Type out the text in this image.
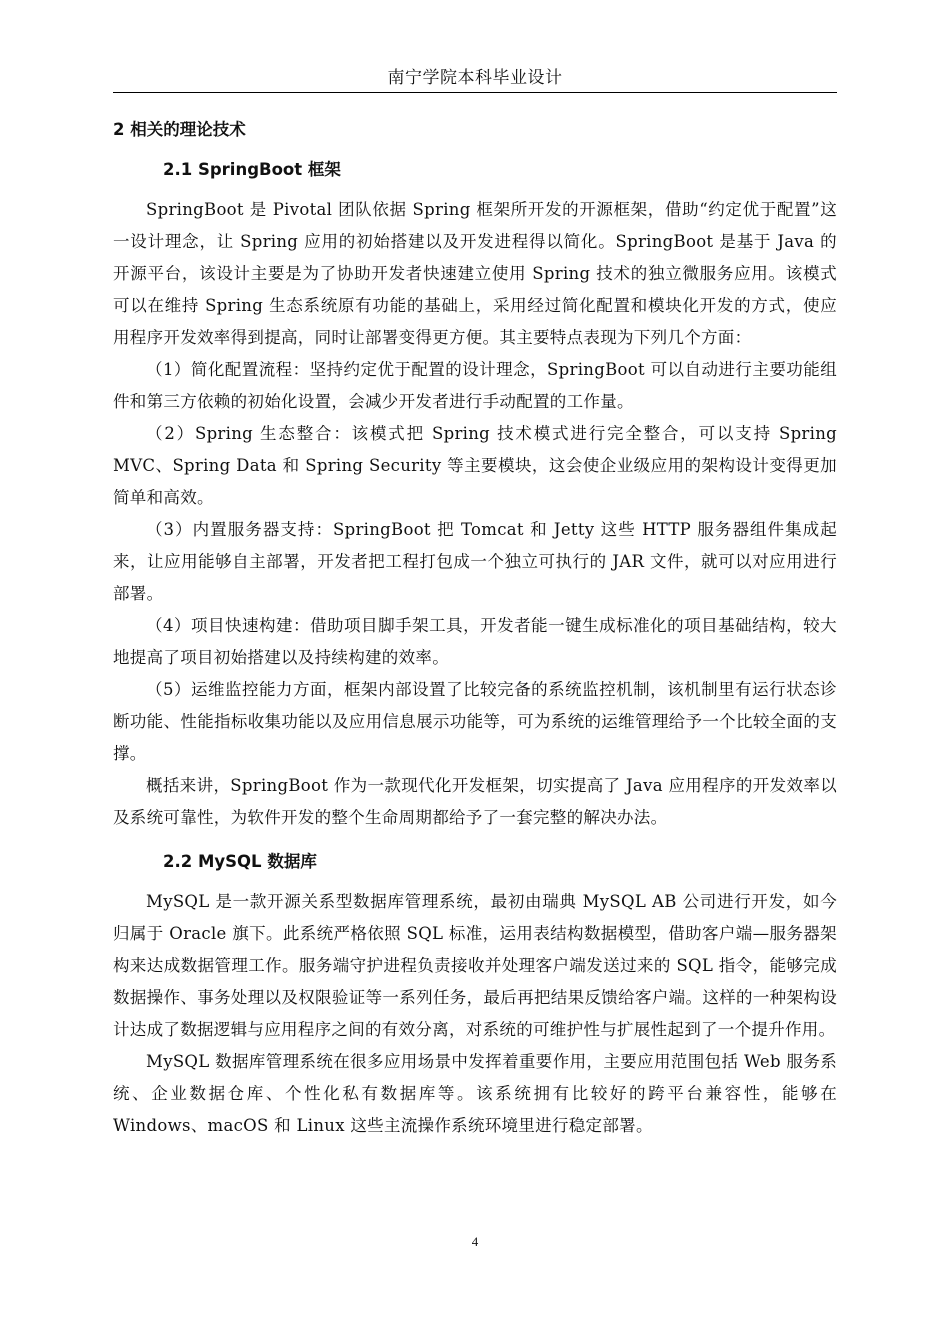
南宁学院本科毕业设计
2 相关的理论技术
2.1 SpringBoot 框架

SpringBoot 是 Pivotal 团队依据 Spring 框架所开发的开源框架，借助“约定优于配置”这一设计理念，让 Spring 应用的初始搭建以及开发进程得以简化。SpringBoot 是基于 Java 的开源平台，该设计主要是为了协助开发者快速建立使用 Spring 技术的独立微服务应用。该模式可以在维持 Spring 生态系统原有功能的基础上，采用经过简化配置和模块化开发的方式，使应用程序开发效率得到提高，同时让部署变得更方便。其主要特点表现为下列几个方面：

（1）简化配置流程：坚持约定优于配置的设计理念，SpringBoot 可以自动进行主要功能组件和第三方依赖的初始化设置，会减少开发者进行手动配置的工作量。

（2）Spring 生态整合：该模式把 Spring 技术模式进行完全整合，可以支持 Spring MVC、Spring Data 和 Spring Security 等主要模块，这会使企业级应用的架构设计变得更加简单和高效。

（3）内置服务器支持：SpringBoot 把 Tomcat 和 Jetty 这些 HTTP 服务器组件集成起来，让应用能够自主部署，开发者把工程打包成一个独立可执行的 JAR 文件，就可以对应用进行部署。

（4）项目快速构建：借助项目脚手架工具，开发者能一键生成标准化的项目基础结构，较大地提高了项目初始搭建以及持续构建的效率。

（5）运维监控能力方面，框架内部设置了比较完备的系统监控机制，该机制里有运行状态诊断功能、性能指标收集功能以及应用信息展示功能等，可为系统的运维管理给予一个比较全面的支撑。

概括来讲，SpringBoot 作为一款现代化开发框架，切实提高了 Java 应用程序的开发效率以及系统可靠性，为软件开发的整个生命周期都给予了一套完整的解决办法。

2.2 MySQL 数据库

MySQL 是一款开源关系型数据库管理系统，最初由瑞典 MySQL AB 公司进行开发，如今归属于 Oracle 旗下。此系统严格依照 SQL 标准，运用表结构数据模型，借助客户端—服务器架构来达成数据管理工作。服务端守护进程负责接收并处理客户端发送过来的 SQL 指令，能够完成数据操作、事务处理以及权限验证等一系列任务，最后再把结果反馈给客户端。这样的一种架构设计达成了数据逻辑与应用程序之间的有效分离，对系统的可维护性与扩展性起到了一个提升作用。

MySQL 数据库管理系统在很多应用场景中发挥着重要作用，主要应用范围包括 Web 服务系统、企业数据仓库、个性化私有数据库等。该系统拥有比较好的跨平台兼容性，能够在 Windows、macOS 和 Linux 这些主流操作系统环境里进行稳定部署。

4
